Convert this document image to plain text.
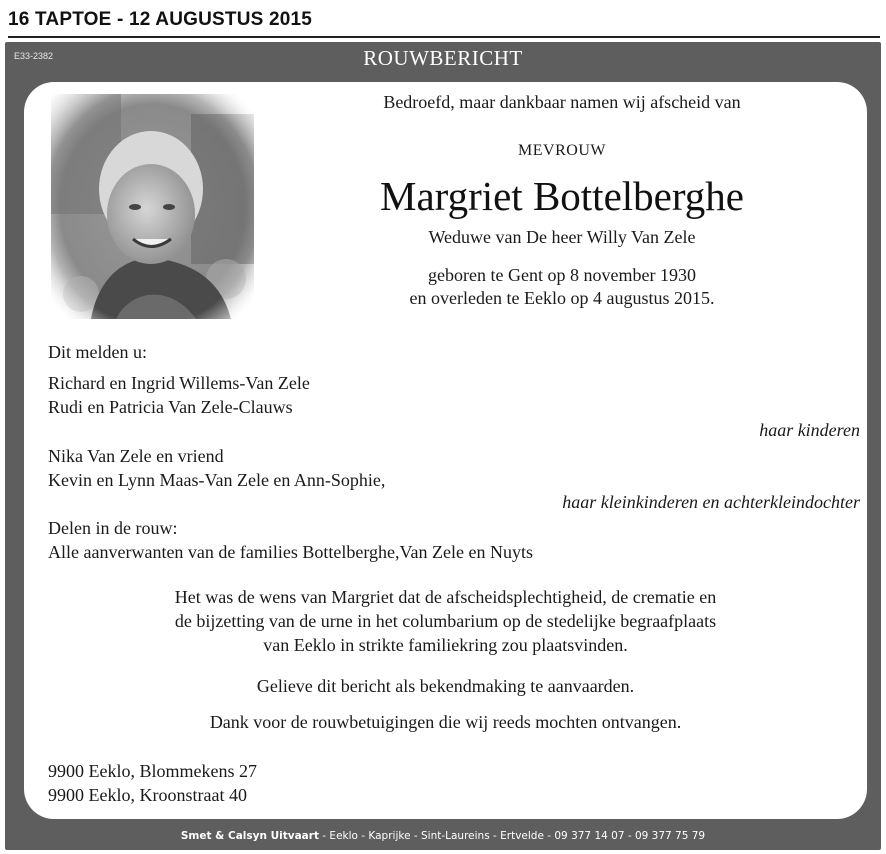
16 TAPTOE - 12 AUGUSTUS 2015
E33-2382	ROUWBERICHT
Bedroefd, maar dankbaar namen wij afscheid van
MEVROUW
Margriet Bottelberghe
Weduwe van De heer Willy Van Zele
geboren te Gent op 8 november 1930
en overleden te Eeklo op 4 augustus 2015.
Dit melden u:
Richard en Ingrid Willems-Van Zele
Rudi en Patricia Van Zele-Clauws
haar kinderen
Nika Van Zele en vriend
Kevin en Lynn Maas-Van Zele en Ann-Sophie,
haar kleinkinderen en achterkleindochter
Delen in de rouw:
Alle aanverwanten van de families Bottelberghe,Van Zele en Nuyts
Het was de wens van Margriet dat de afscheidsplechtigheid, de crematie en
de bijzetting van de urne in het columbarium op de stedelijke begraafplaats
van Eeklo in strikte familiekring zou plaatsvinden.
Gelieve dit bericht als bekendmaking te aanvaarden.
Dank voor de rouwbetuigingen die wij reeds mochten ontvangen.
9900 Eeklo, Blommekens 27
9900 Eeklo, Kroonstraat 40
Smet & Calsyn Uitvaart - Eeklo - Kaprijke - Sint-Laureins - Ertvelde - 09 377 14 07 - 09 377 75 79
